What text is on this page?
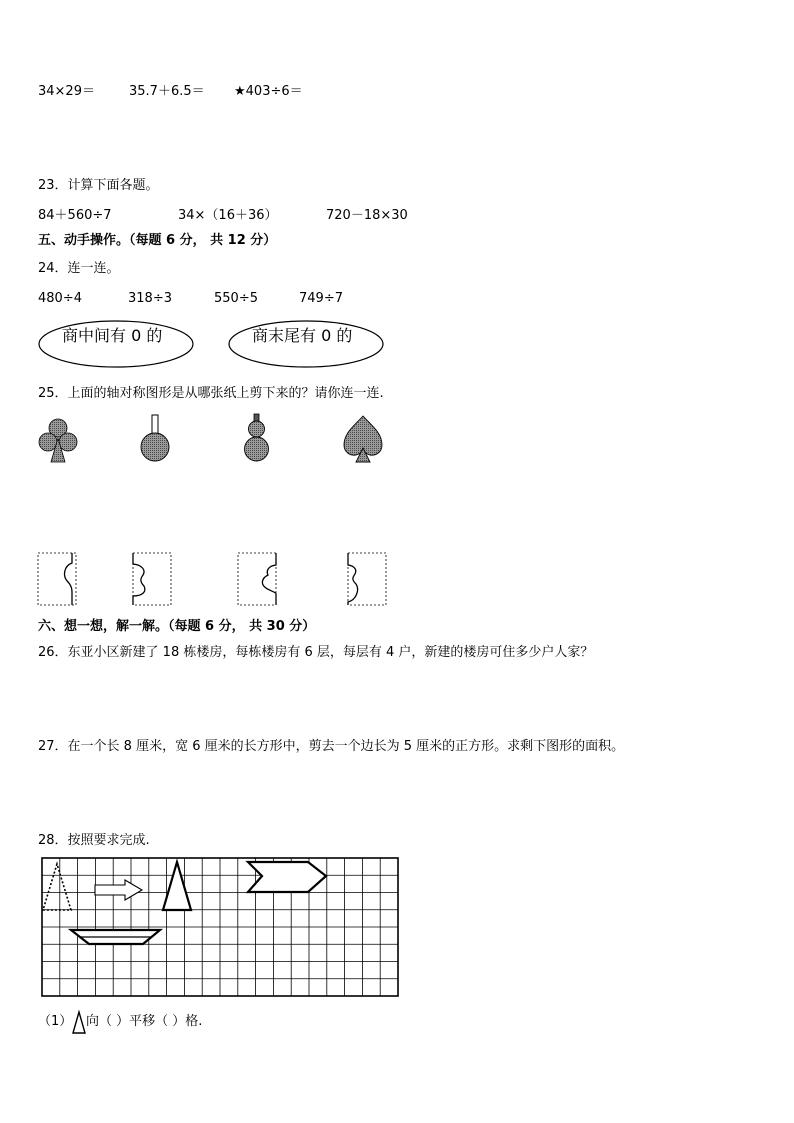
34×29＝	35.7＋6.5＝ ★403÷6＝
23．计算下面各题。
84＋560÷7	34×（16＋36）	720－18×30
五、动手操作。（每题 6 分， 共 12 分）
24．连一连。
480÷4	318÷3	550÷5	749÷7
商中间有 0 的	商末尾有 0 的
25．上面的轴对称图形是从哪张纸上剪下来的？请你连一连.
六、想一想，解一解。（每题 6 分， 共 30 分）
26．东亚小区新建了 18 栋楼房，每栋楼房有 6 层，每层有 4 户，新建的楼房可住多少户人家？
27．在一个长 8 厘米，宽 6 厘米的长方形中，剪去一个边长为 5 厘米的正方形。求剩下图形的面积。
28．按照要求完成.
（1） 向（ ）平移（ ）格.
